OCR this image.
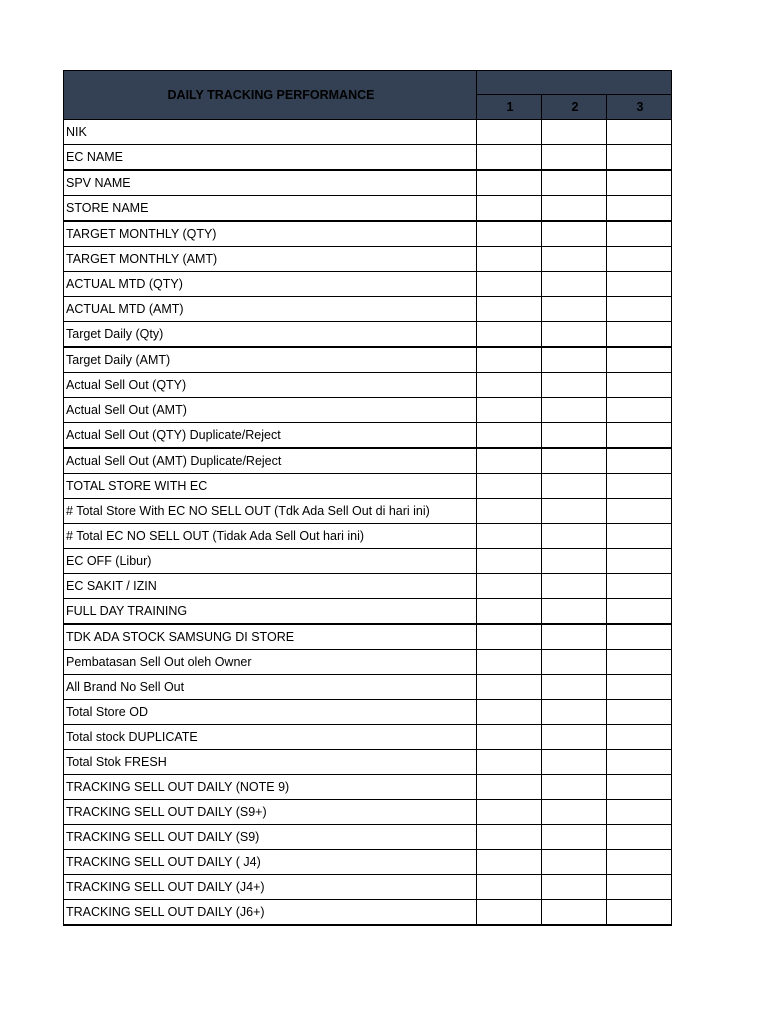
DAILY TRACKING PERFORMANCE			
	1	2	3
NIK			
EC NAME			
SPV NAME			
STORE NAME			
TARGET MONTHLY (QTY)			
TARGET MONTHLY (AMT)			
ACTUAL MTD (QTY)			
ACTUAL MTD (AMT)			
Target Daily (Qty)			
Target Daily (AMT)			
Actual Sell Out (QTY)			
Actual Sell Out (AMT)			
Actual Sell Out (QTY) Duplicate/Reject			
Actual Sell Out (AMT) Duplicate/Reject			
TOTAL STORE WITH EC			
# Total Store With EC NO SELL OUT (Tdk Ada Sell Out di hari ini)			
# Total EC NO SELL OUT (Tidak Ada Sell Out hari ini)			
EC OFF (Libur)			
EC SAKIT / IZIN			
FULL DAY TRAINING			
TDK ADA STOCK SAMSUNG DI STORE			
Pembatasan Sell Out oleh Owner			
All Brand No Sell Out			
Total Store OD			
Total stock DUPLICATE			
Total Stok FRESH			
TRACKING SELL OUT DAILY (NOTE 9)			
TRACKING SELL OUT DAILY (S9+)			
TRACKING SELL OUT DAILY (S9)			
TRACKING SELL OUT DAILY ( J4)			
TRACKING SELL OUT DAILY (J4+)			
TRACKING SELL OUT DAILY (J6+)			
